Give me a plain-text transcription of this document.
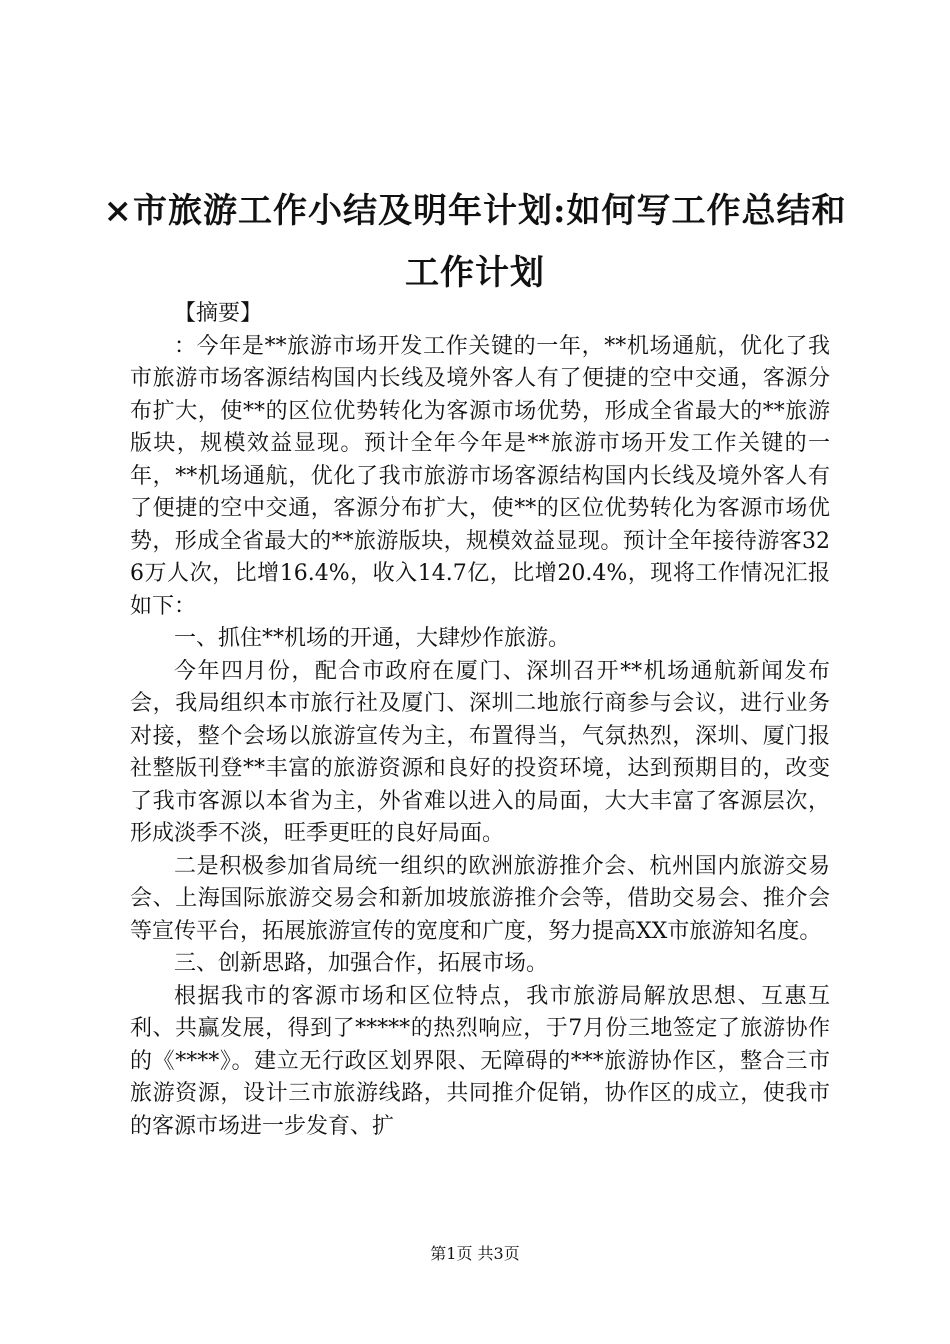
×市旅游工作小结及明年计划:如何写工作总结和工作计划

【摘要】

：今年是**旅游市场开发工作关键的一年，**机场通航，优化了我市旅游市场客源结构国内长线及境外客人有了便捷的空中交通，客源分布扩大，使**的区位优势转化为客源市场优势，形成全省最大的**旅游版块，规模效益显现。预计全年今年是**旅游市场开发工作关键的一年，**机场通航，优化了我市旅游市场客源结构国内长线及境外客人有了便捷的空中交通，客源分布扩大，使**的区位优势转化为客源市场优势，形成全省最大的**旅游版块，规模效益显现。预计全年接待游客326万人次，比增16.4%，收入14.7亿，比增20.4%，现将工作情况汇报如下：

一、抓住**机场的开通，大肆炒作旅游。

今年四月份，配合市政府在厦门、深圳召开**机场通航新闻发布会，我局组织本市旅行社及厦门、深圳二地旅行商参与会议，进行业务对接，整个会场以旅游宣传为主，布置得当，气氛热烈，深圳、厦门报社整版刊登**丰富的旅游资源和良好的投资环境，达到预期目的，改变了我市客源以本省为主，外省难以进入的局面，大大丰富了客源层次，形成淡季不淡，旺季更旺的良好局面。

二是积极参加省局统一组织的欧洲旅游推介会、杭州国内旅游交易会、上海国际旅游交易会和新加坡旅游推介会等，借助交易会、推介会等宣传平台，拓展旅游宣传的宽度和广度，努力提高XX市旅游知名度。

三、创新思路，加强合作，拓展市场。

根据我市的客源市场和区位特点，我市旅游局解放思想、互惠互利、共赢发展，得到了*****的热烈响应，于7月份三地签定了旅游协作的《****》。建立无行政区划界限、无障碍的***旅游协作区，整合三市旅游资源，设计三市旅游线路，共同推介促销，协作区的成立，使我市的客源市场进一步发育、扩

第1页 共3页
